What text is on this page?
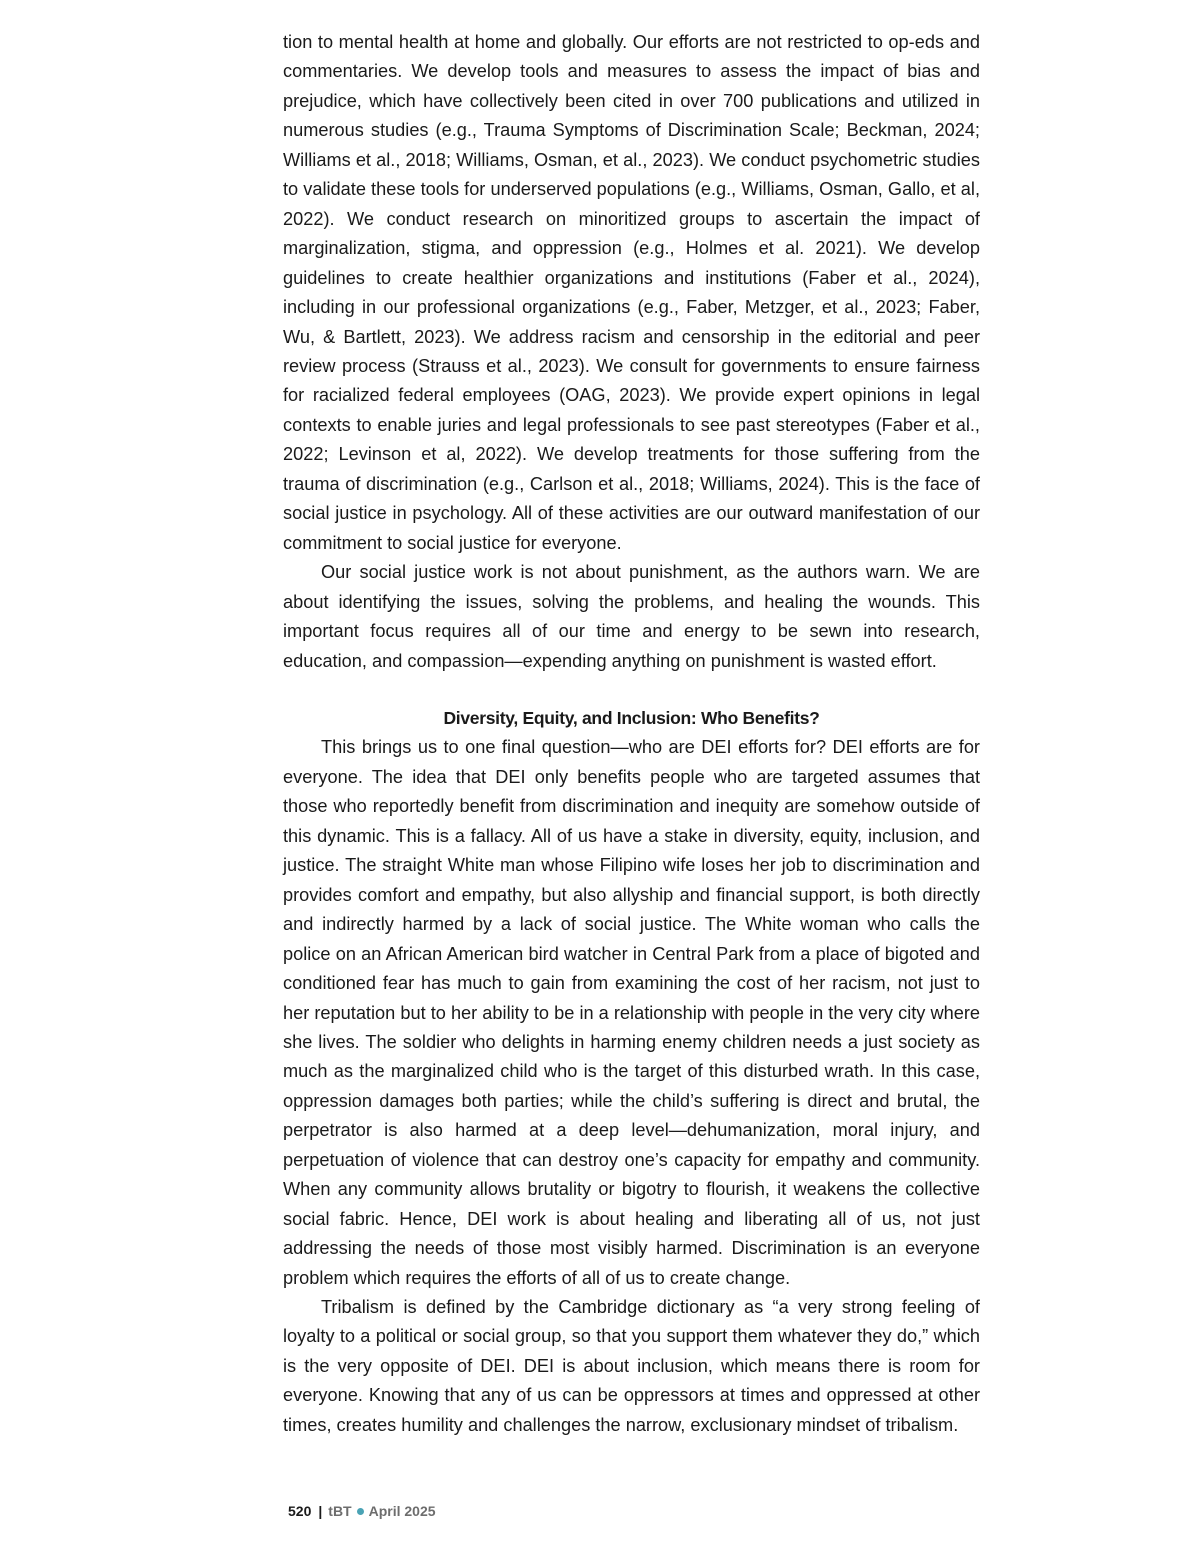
tion to mental health at home and globally. Our efforts are not restricted to op-eds and commentaries. We develop tools and measures to assess the impact of bias and prejudice, which have collectively been cited in over 700 publications and utilized in numerous studies (e.g., Trauma Symptoms of Discrimination Scale; Beckman, 2024; Williams et al., 2018; Williams, Osman, et al., 2023). We conduct psychometric studies to validate these tools for underserved populations (e.g., Williams, Osman, Gallo, et al, 2022). We conduct research on minoritized groups to ascertain the impact of marginalization, stigma, and oppression (e.g., Holmes et al. 2021). We develop guidelines to create healthier organizations and institutions (Faber et al., 2024), including in our professional organizations (e.g., Faber, Metzger, et al., 2023; Faber, Wu, & Bartlett, 2023). We address racism and censorship in the editorial and peer review process (Strauss et al., 2023). We consult for governments to ensure fairness for racialized federal employees (OAG, 2023). We provide expert opinions in legal contexts to enable juries and legal professionals to see past stereotypes (Faber et al., 2022; Levinson et al, 2022). We develop treatments for those suffering from the trauma of discrimination (e.g., Carlson et al., 2018; Williams, 2024). This is the face of social justice in psychology. All of these activities are our outward manifestation of our commitment to social justice for everyone.

Our social justice work is not about punishment, as the authors warn. We are about identifying the issues, solving the problems, and healing the wounds. This important focus requires all of our time and energy to be sewn into research, education, and compassion—expending anything on punishment is wasted effort.

Diversity, Equity, and Inclusion: Who Benefits?

This brings us to one final question—who are DEI efforts for? DEI efforts are for everyone. The idea that DEI only benefits people who are targeted assumes that those who reportedly benefit from discrimination and inequity are somehow outside of this dynamic. This is a fallacy. All of us have a stake in diversity, equity, inclusion, and justice. The straight White man whose Filipino wife loses her job to discrimination and provides comfort and empathy, but also allyship and financial support, is both directly and indirectly harmed by a lack of social justice. The White woman who calls the police on an African American bird watcher in Central Park from a place of bigoted and conditioned fear has much to gain from examining the cost of her racism, not just to her reputation but to her ability to be in a relationship with people in the very city where she lives. The soldier who delights in harming enemy children needs a just society as much as the marginalized child who is the target of this disturbed wrath. In this case, oppression damages both parties; while the child’s suffering is direct and brutal, the perpetrator is also harmed at a deep level—dehumanization, moral injury, and perpetuation of violence that can destroy one’s capacity for empathy and community. When any community allows brutality or bigotry to flourish, it weakens the collective social fabric. Hence, DEI work is about healing and liberating all of us, not just addressing the needs of those most visibly harmed. Discrimination is an everyone problem which requires the efforts of all of us to create change.

Tribalism is defined by the Cambridge dictionary as “a very strong feeling of loyalty to a political or social group, so that you support them whatever they do,” which is the very opposite of DEI. DEI is about inclusion, which means there is room for everyone. Knowing that any of us can be oppressors at times and oppressed at other times, creates humility and challenges the narrow, exclusionary mindset of tribalism.

520 | tBT April 2025
